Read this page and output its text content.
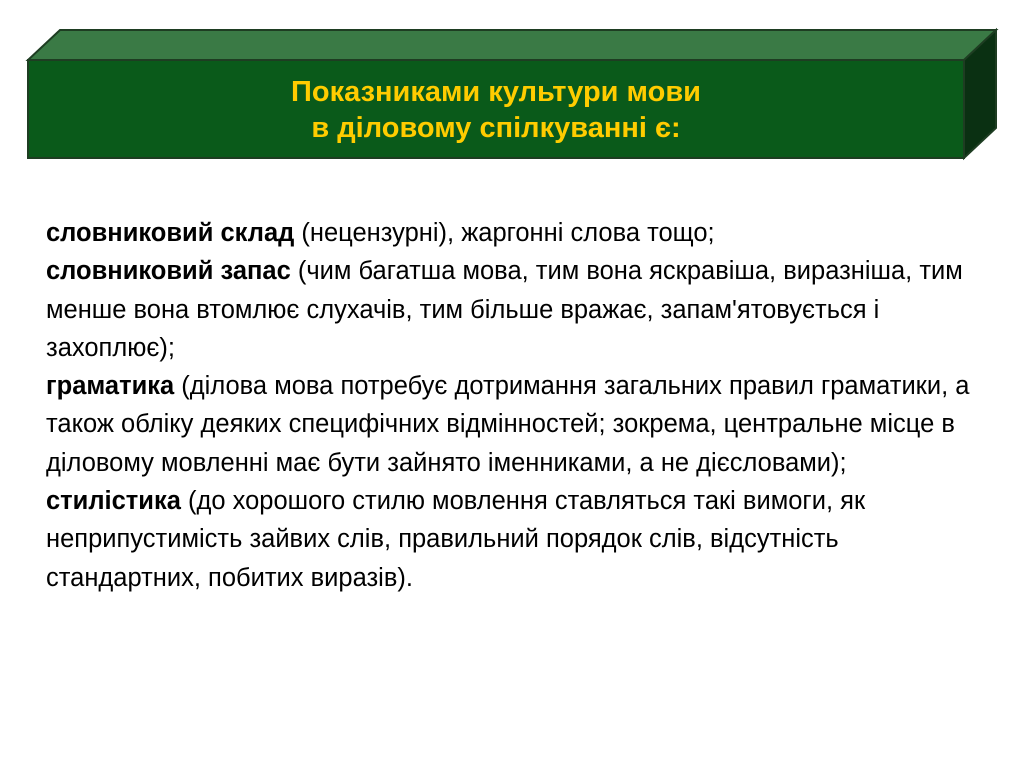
Показниками культури мови
в діловому спілкуванні є:

словниковий склад (нецензурні), жаргонні слова тощо;

словниковий запас (чим багатша мова, тим вона яскравіша, виразніша, тим менше вона втомлює слухачів, тим більше вражає, запам'ятовується і захоплює);

граматика (ділова мова потребує дотримання загальних правил граматики, а також обліку деяких специфічних відмінностей; зокрема, центральне місце в діловому мовленні має бути зайнято іменниками, а не дієсловами);

стилістика (до хорошого стилю мовлення ставляться такі вимоги, як неприпустимість зайвих слів, правильний порядок слів, відсутність стандартних, побитих виразів).
